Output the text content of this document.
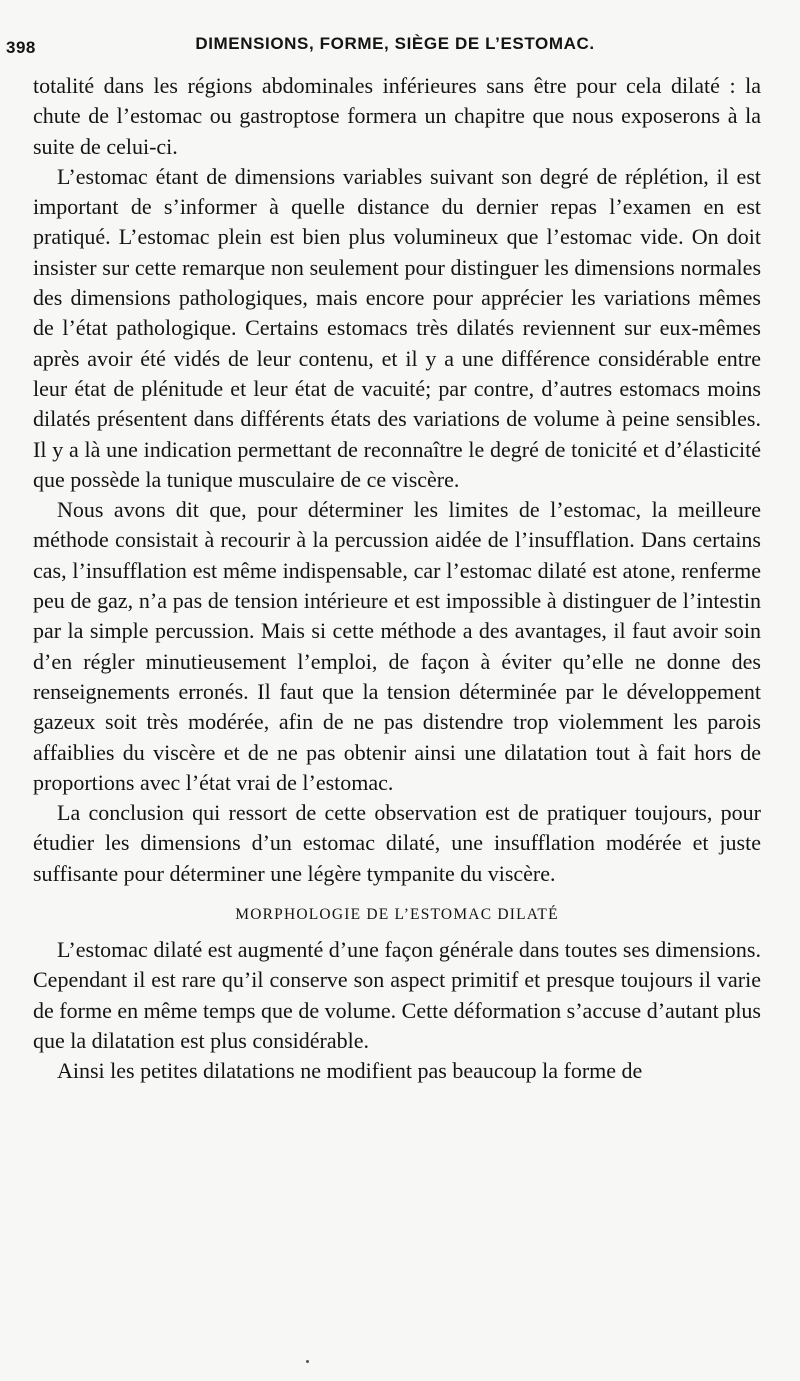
398	DIMENSIONS, FORME, SIÈGE DE L’ESTOMAC.

totalité dans les régions abdominales inférieures sans être pour cela dilaté : la chute de l’estomac ou gastroptose formera un chapitre que nous exposerons à la suite de celui-ci.

L’estomac étant de dimensions variables suivant son degré de réplétion, il est important de s’informer à quelle distance du dernier repas l’examen en est pratiqué. L’estomac plein est bien plus volumineux que l’estomac vide. On doit insister sur cette remarque non seulement pour distinguer les dimensions normales des dimensions pathologiques, mais encore pour apprécier les variations mêmes de l’état pathologique. Certains estomacs très dilatés reviennent sur eux-mêmes après avoir été vidés de leur contenu, et il y a une différence considérable entre leur état de plénitude et leur état de vacuité; par contre, d’autres estomacs moins dilatés présentent dans différents états des variations de volume à peine sensibles. Il y a là une indication permettant de reconnaître le degré de tonicité et d’élasticité que possède la tunique musculaire de ce viscère.

Nous avons dit que, pour déterminer les limites de l’estomac, la meilleure méthode consistait à recourir à la percussion aidée de l’insufflation. Dans certains cas, l’insufflation est même indispensable, car l’estomac dilaté est atone, renferme peu de gaz, n’a pas de tension intérieure et est impossible à distinguer de l’intestin par la simple percussion. Mais si cette méthode a des avantages, il faut avoir soin d’en régler minutieusement l’emploi, de façon à éviter qu’elle ne donne des renseignements erronés. Il faut que la tension déterminée par le développement gazeux soit très modérée, afin de ne pas distendre trop violemment les parois affaiblies du viscère et de ne pas obtenir ainsi une dilatation tout à fait hors de proportions avec l’état vrai de l’estomac.

La conclusion qui ressort de cette observation est de pratiquer toujours, pour étudier les dimensions d’un estomac dilaté, une insufflation modérée et juste suffisante pour déterminer une légère tympanite du viscère.

MORPHOLOGIE DE L’ESTOMAC DILATÉ

L’estomac dilaté est augmenté d’une façon générale dans toutes ses dimensions. Cependant il est rare qu’il conserve son aspect primitif et presque toujours il varie de forme en même temps que de volume. Cette déformation s’accuse d’autant plus que la dilatation est plus considérable.

Ainsi les petites dilatations ne modifient pas beaucoup la forme de
